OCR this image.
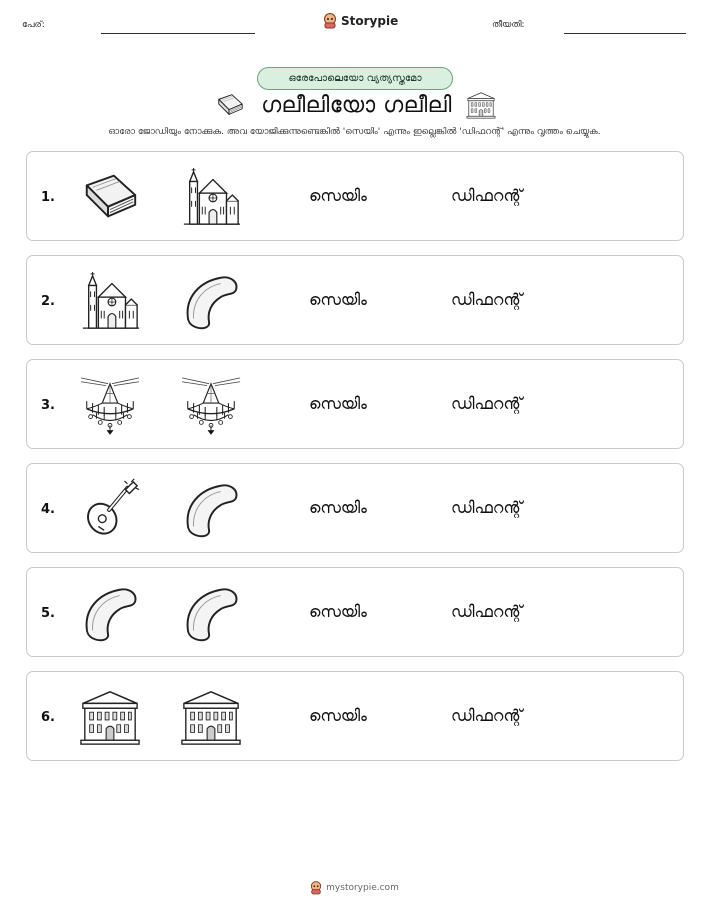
പേര്:	Storypie	തീയതി:
ഒരേപോലെയോ വ്യത്യസ്തമോ
ഗലീലിയോ ഗലീലി
ഓരോ ജോഡിയും നോക്കുക. അവ യോജിക്കുന്നുണ്ടെങ്കിൽ 'സെയിം' എന്നും ഇല്ലെങ്കിൽ 'ഡിഫറന്റ്' എന്നും വൃത്തം ചെയ്യുക.
1.	സെയിം	ഡിഫറന്റ്
2.	സെയിം	ഡിഫറന്റ്
3.	സെയിം	ഡിഫറന്റ്
4.	സെയിം	ഡിഫറന്റ്
5.	സെയിം	ഡിഫറന്റ്
6.	സെയിം	ഡിഫറന്റ്
mystorypie.com
